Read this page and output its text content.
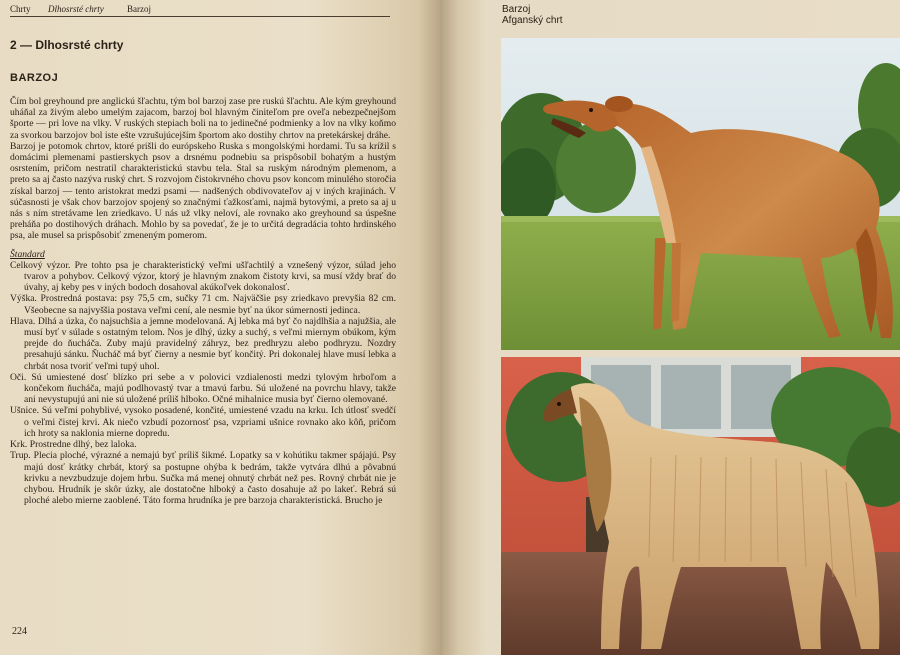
Chrty Dlhosrsté chrty	Barzoj
2 — Dlhosrsté chrty
BARZOJ

Čím bol greyhound pre anglickú šľachtu, tým bol barzoj zase pre ruskú šľachtu. Ale kým greyhound uháňal za živým alebo umelým zajacom, barzoj bol hlavným činiteľom pre oveľa nebezpečnejšom športe — pri love na vlky. V ruských stepiach boli na to jedinečné podmienky a lov na vlky koňmo za svorkou barzojov bol iste ešte vzrušujúcejším športom ako dostihy chrtov na pretekárskej dráhe.

Barzoj je potomok chrtov, ktoré prišli do európskeho Ruska s mongolskými hordami. Tu sa krížil s domácimi plemenami pastierskych psov a drsnému podnebiu sa prispôsobil bohatým a hustým osrstením, pričom nestratil charakteristickú stavbu tela. Stal sa ruským národným plemenom, a preto sa aj často nazýva ruský chrt. S rozvojom čistokrvného chovu psov koncom minulého storočia získal barzoj — tento aristokrat medzi psami — nadšených obdivovateľov aj v iných krajinách. V súčasnosti je však chov barzojov spojený so značnými ťažkosťami, najmä bytovými, a preto sa aj u nás s ním stretávame len zriedkavo. U nás už vlky neloví, ale rovnako ako greyhound sa úspešne preháňa po dostihových dráhach. Mohlo by sa povedať, že je to určitá degradácia tohto hrdinského psa, ale musel sa prispôsobiť zmeneným pomerom.

Štandard

Celkový výzor. Pre tohto psa je charakteristický veľmi ušľachtilý a vznešený výzor, súlad jeho tvarov a pohybov. Celkový výzor, ktorý je hlavným znakom čistoty krvi, sa musí vždy brať do úvahy, aj keby pes v iných bodoch dosahoval akúkoľvek dokonalosť.

Výška. Prostredná postava: psy 75,5 cm, sučky 71 cm. Najväčšie psy zriedkavo prevyšia 82 cm. Všeobecne sa najvyššia postava veľmi cení, ale nesmie byť na úkor súmernosti jedinca.

Hlava. Dlhá a úzka, čo najsuchšia a jemne modelovaná. Aj lebka má byť čo najdlhšia a najužšia, ale musí byť v súlade s ostatným telom. Nos je dlhý, úzky a suchý, s veľmi miernym obúkom, kým prejde do ňucháča. Zuby majú pravidelný záhryz, bez predhryzu alebo podhryzu. Nozdry presahujú sánku. Ňucháč má byť čierny a nesmie byť končitý. Pri dokonalej hlave musí lebka a chrbát nosa tvoriť veľmi tupý uhol.

Oči. Sú umiestené dosť blízko pri sebe a v polovici vzdialenosti medzi tylovým hrboľom a končekom ňucháča, majú podlhovastý tvar a tmavú farbu. Sú uložené na povrchu hlavy, takže ani nevystupujú ani nie sú uložené príliš hlboko. Očné mihalnice musia byť čierno olemované.

Ušnice. Sú veľmi pohyblivé, vysoko posadené, končité, umiestené vzadu na krku. Ich útlosť svedčí o veľmi čistej krvi. Ak niečo vzbudí pozornosť psa, vzpriami ušnice rovnako ako kôň, pričom ich hroty sa naklonia mierne dopredu.

Krk. Prostredne dlhý, bez laloka.

Trup. Plecia ploché, výrazné a nemajú byť príliš šikmé. Lopatky sa v kohútiku takmer spájajú. Psy majú dosť krátky chrbát, ktorý sa postupne ohýba k bedrám, takže vytvára dlhú a pôvabnú krivku a nevzbudzuje dojem hrbu. Sučka má menej ohnutý chrbát než pes. Rovný chrbát nie je chybou. Hrudník je skôr úzky, ale dostatočne hlboký a často dosahuje až po lakeť. Rebrá sú ploché alebo mierne zaoblené. Táto forma hrudníka je pre barzoja charakteristická. Brucho je

224
Barzoj
Afganský chrt
